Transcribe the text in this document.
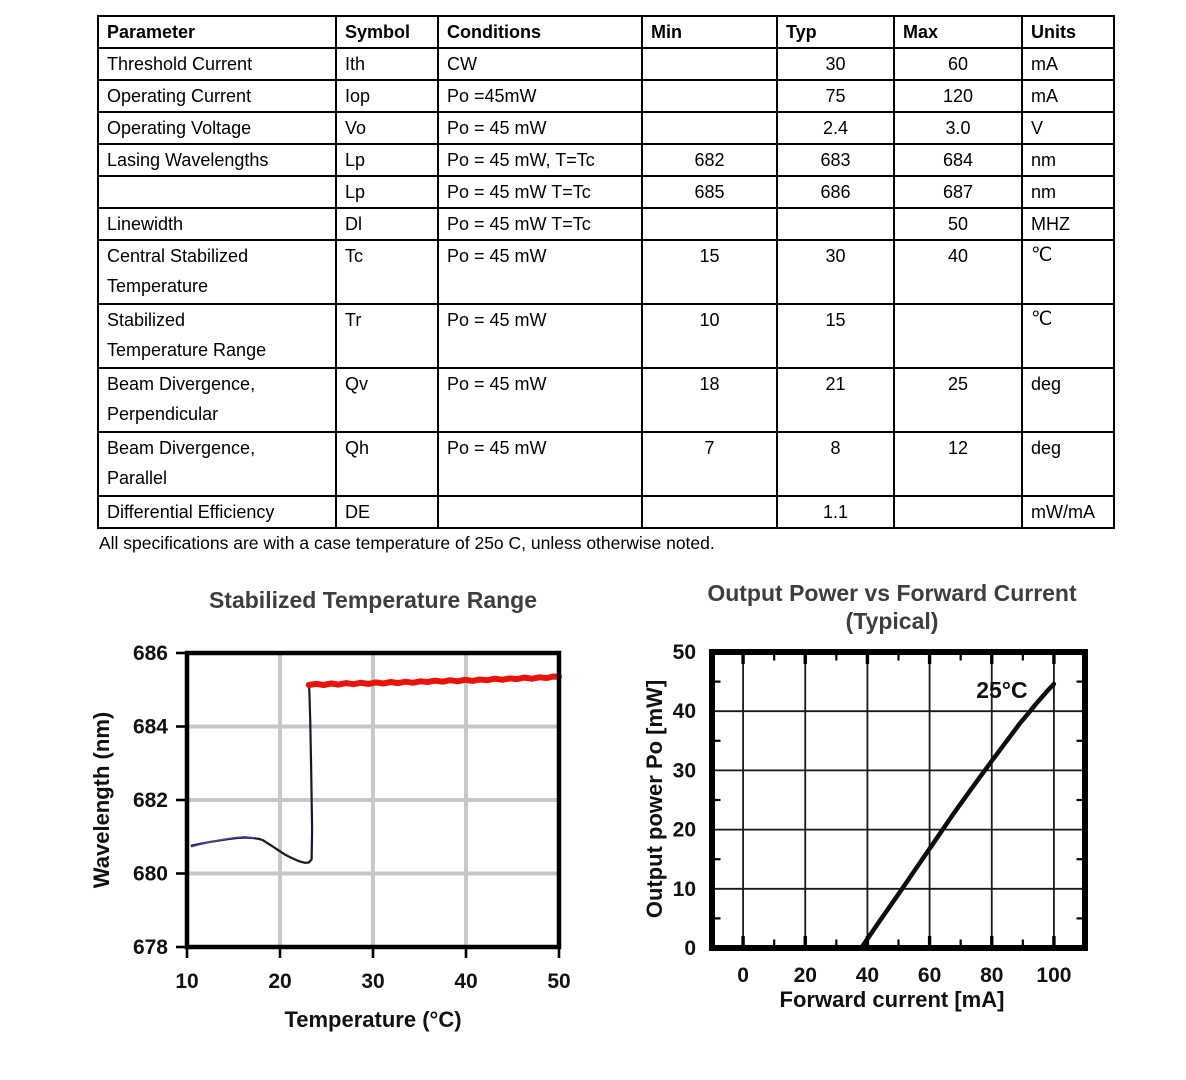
Parameter	Symbol	Conditions	Min	Typ	Max	Units
Threshold Current	Ith	CW		30	60	mA
Operating Current	Iop	Po =45mW		75	120	mA
Operating Voltage	Vo	Po = 45 mW		2.4	3.0	V
Lasing Wavelengths	Lp	Po = 45 mW, T=Tc	682	683	684	nm
	Lp	Po = 45 mW T=Tc	685	686	687	nm
Linewidth	Dl	Po = 45 mW T=Tc			50	MHZ
Central Stabilized
Temperature	Tc	Po = 45 mW	15	30	40	℃
Stabilized
Temperature Range	Tr	Po = 45 mW	10	15		℃
Beam Divergence,
Perpendicular	Qv	Po = 45 mW	18	21	25	deg
Beam Divergence,
Parallel	Qh	Po = 45 mW	7	8	12	deg
Differential Efficiency	DE			1.1		mW/mA
All specifications are with a case temperature of 25o C, unless otherwise noted.
10	20	30	40	50
678
680
682
684
686
Stabilized Temperature Range
Temperature (°C)
Wavelength (nm)
0 20 40 60 80 100
0
10
20
30
40
50
Output Power vs Forward Current
(Typical)
Forward current [mA]
Output power Po [mW]	25°C
